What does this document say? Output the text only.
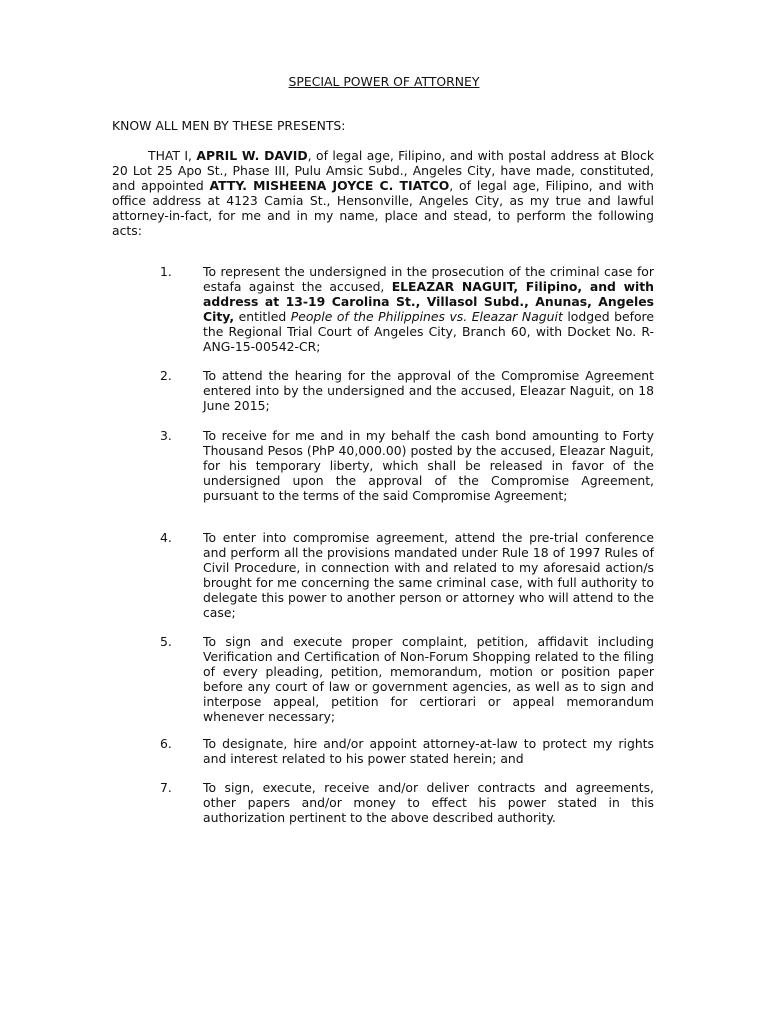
SPECIAL POWER OF ATTORNEY
KNOW ALL MEN BY THESE PRESENTS:
THAT I, APRIL W. DAVID, of legal age, Filipino, and with postal address at Block 20 Lot 25 Apo St., Phase III, Pulu Amsic Subd., Angeles City, have made, constituted, and appointed ATTY. MISHEENA JOYCE C. TIATCO, of legal age, Filipino, and with office address at 4123 Camia St., Hensonville, Angeles City, as my true and lawful attorney-in-fact, for me and in my name, place and stead, to perform the following acts:
1.	To represent the undersigned in the prosecution of the criminal case for estafa against the accused, ELEAZAR NAGUIT, Filipino, and with address at 13-19 Carolina St., Villasol Subd., Anunas, Angeles City, entitled People of the Philippines vs. Eleazar Naguit lodged before the Regional Trial Court of Angeles City, Branch 60, with Docket No. R-ANG-15-00542-CR;
2.	To attend the hearing for the approval of the Compromise Agreement entered into by the undersigned and the accused, Eleazar Naguit, on 18 June 2015;
3.	To receive for me and in my behalf the cash bond amounting to Forty Thousand Pesos (PhP 40,000.00) posted by the accused, Eleazar Naguit, for his temporary liberty, which shall be released in favor of the undersigned upon the approval of the Compromise Agreement, pursuant to the terms of the said Compromise Agreement;
4.	To enter into compromise agreement, attend the pre-trial conference and perform all the provisions mandated under Rule 18 of 1997 Rules of Civil Procedure, in connection with and related to my aforesaid action/s brought for me concerning the same criminal case, with full authority to delegate this power to another person or attorney who will attend to the case;
5.	To sign and execute proper complaint, petition, affidavit including Verification and Certification of Non-Forum Shopping related to the filing of every pleading, petition, memorandum, motion or position paper before any court of law or government agencies, as well as to sign and interpose appeal, petition for certiorari or appeal memorandum whenever necessary;
6.	To designate, hire and/or appoint attorney-at-law to protect my rights and interest related to his power stated herein; and
7.	To sign, execute, receive and/or deliver contracts and agreements, other papers and/or money to effect his power stated in this authorization pertinent to the above described authority.
